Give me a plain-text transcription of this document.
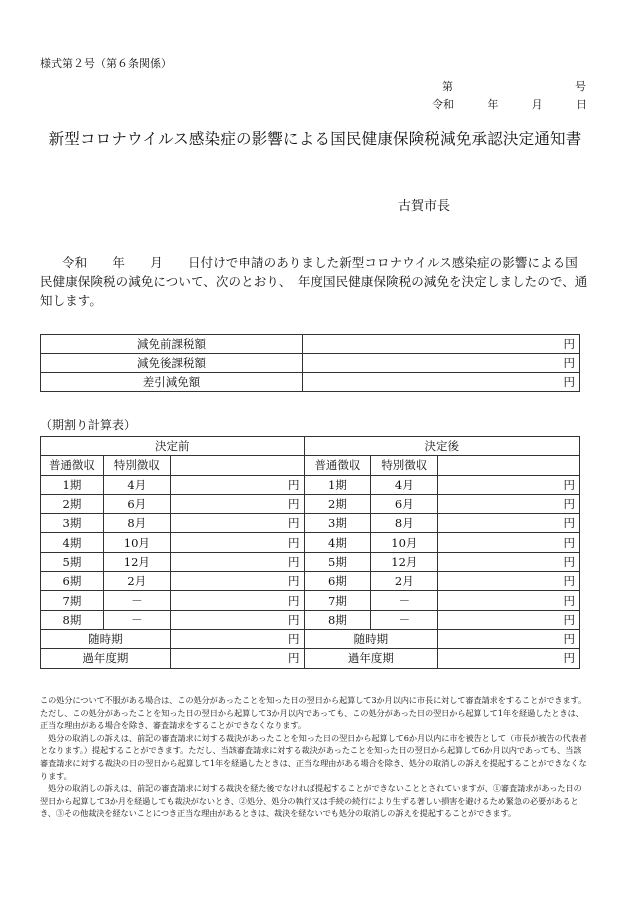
様式第２号（第６条関係）
第	号
令和	年	月	日
新型コロナウイルス感染症の影響による国民健康保険税減免承認決定通知書
古賀市長
令和　　年　　月　　日付けで申請のありました新型コロナウイルス感染症の影響による国民健康保険税の減免について、次のとおり、　年度国民健康保険税の減免を決定しましたので、通知します。
減免前課税額	円
減免後課税額	円
差引減免額	円
（期割り計算表）
決定前			決定後		
普通徴収	特別徴収		普通徴収	特別徴収	
1期	4月	円	1期	4月	円
2期	6月	円	2期	6月	円
3期	8月	円	3期	8月	円
4期	10月	円	4期	10月	円
5期	12月	円	5期	12月	円
6期	2月	円	6期	2月	円
7期	－	円	7期	－	円
8期	－	円	8期	－	円
随時期		円	随時期		円
過年度期		円	過年度期		円

この処分について不服がある場合は、この処分があったことを知った日の翌日から起算して3か月以内に市長に対して審査請求をすることができます。ただし、この処分があったことを知った日の翌日から起算して3か月以内であっても、この処分があった日の翌日から起算して1年を経過したときは、正当な理由がある場合を除き、審査請求をすることができなくなります。

処分の取消しの訴えは、前記の審査請求に対する裁決があったことを知った日の翌日から起算して6か月以内に市を被告として（市長が被告の代表者となります。）提起することができます。ただし、当該審査請求に対する裁決があったことを知った日の翌日から起算して6か月以内であっても、当該審査請求に対する裁決の日の翌日から起算して1年を経過したときは、正当な理由がある場合を除き、処分の取消しの訴えを提起することができなくなります。

処分の取消しの訴えは、前記の審査請求に対する裁決を経た後でなければ提起することができないこととされていますが、①審査請求があった日の翌日から起算して3か月を経過しても裁決がないとき、②処分、処分の執行又は手続の続行により生ずる著しい損害を避けるため緊急の必要があるとき、③その他裁決を経ないことにつき正当な理由があるときは、裁決を経ないでも処分の取消しの訴えを提起することができます。
